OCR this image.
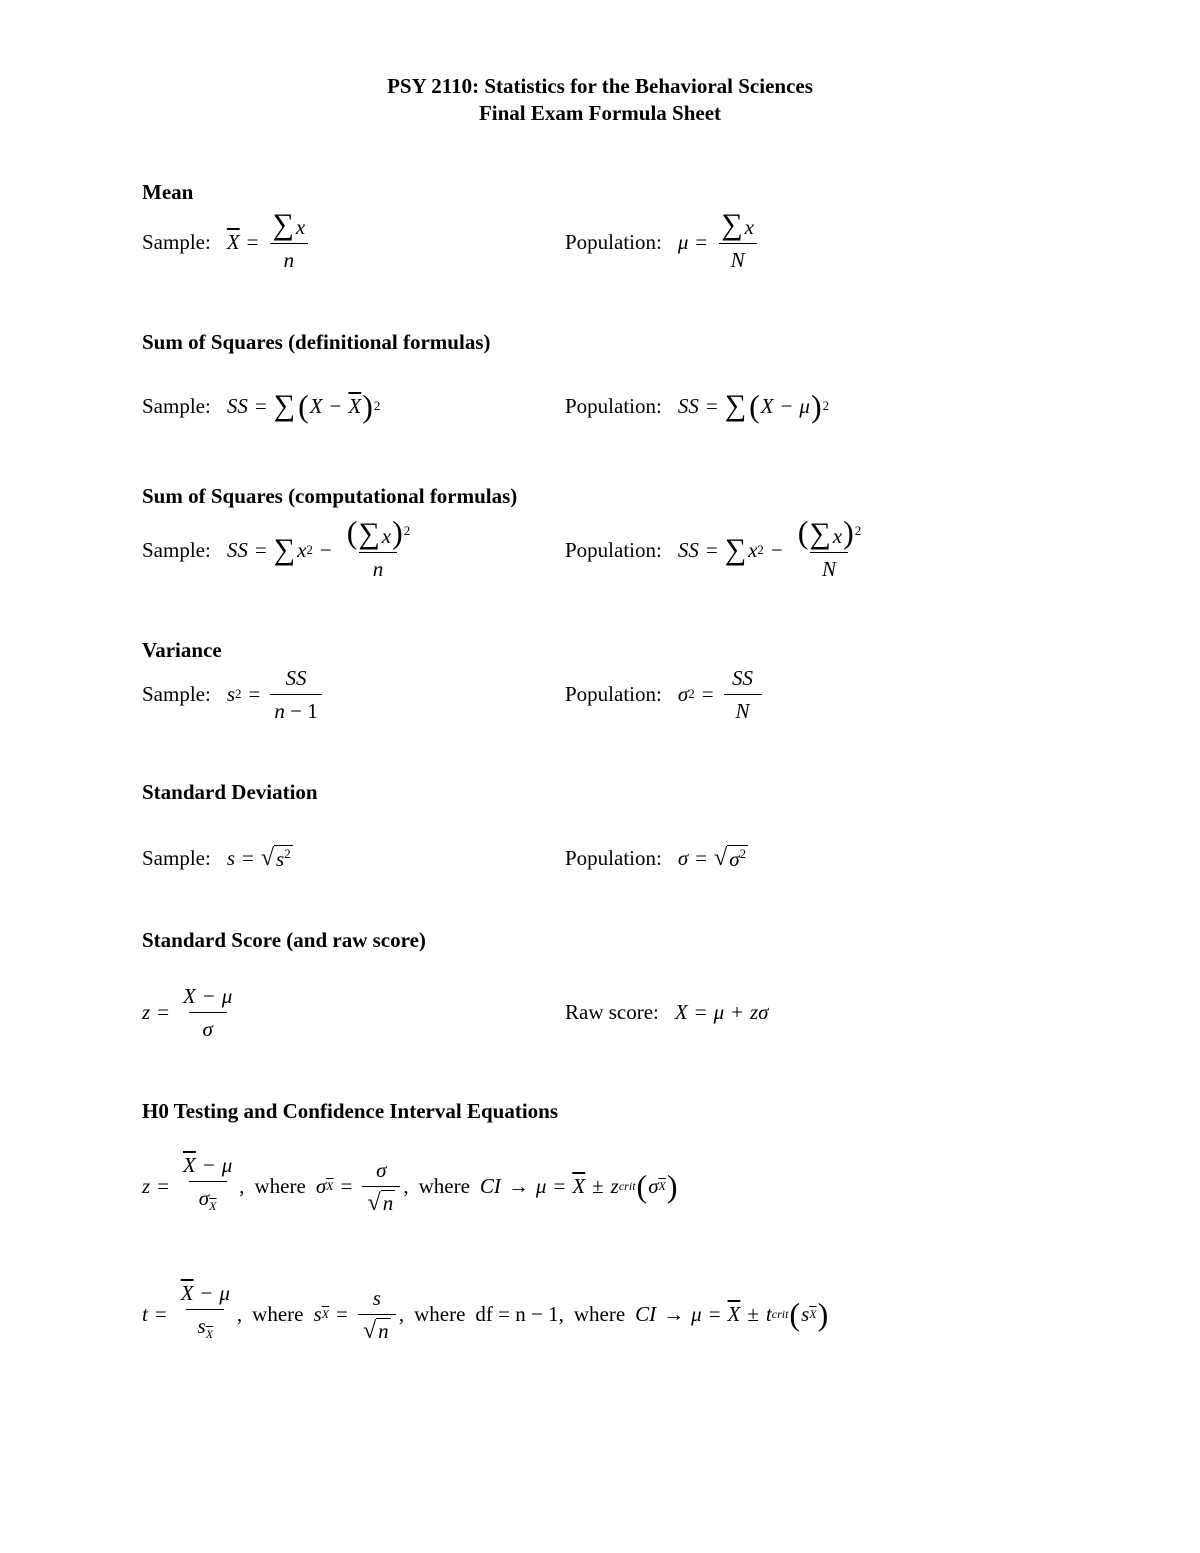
PSY 2110: Statistics for the Behavioral Sciences
Final Exam Formula Sheet
Mean
Sample: $\overline{X} = \frac{\sum x}{n}$	Population: $\mu = \frac{\sum x}{N}$
Sum of Squares (definitional formulas)
Sample: SS = ∑ ( $X - \overline{X}$ ) 2	Population: SS = ∑ ( X − μ ) 2
Sum of Squares (computational formulas)
Sample: SS = ∑ x $2 - \frac{(\sum x)^2}{n}$	Population: SS = ∑ x $2 - \frac{(\sum x)^2}{N}$
Variance
Sample: s $2 = \frac{SS}{n - 1}$	Population: σ $2 = \frac{SS}{N}$
Standard Deviation
Sample: s = √ $s^2$	Population: σ = √ $\sigma^2$
Standard Score (and raw score)
$z = \frac{X - \mu}{\sigma}$	Raw score: X = μ + zσ
H0 Testing and Confidence Interval Equations
$z = \frac{\overline{X} - \mu}{\sigma_{\overline{X}}}$ , where σ $\overline{X} = \frac{\sigma}{√n}$ , where CI → $\mu = \overline{X} \pm z$ crit ( σ $\overline{X}$ )
$t = \frac{\overline{X} - \mu}{s_{\overline{X}}}$ , where s $\overline{X} = \frac{s}{√n}$ , where df = n − 1 , where CI → $\mu = \overline{X} \pm t$ crit ( s $\overline{X}$ )
